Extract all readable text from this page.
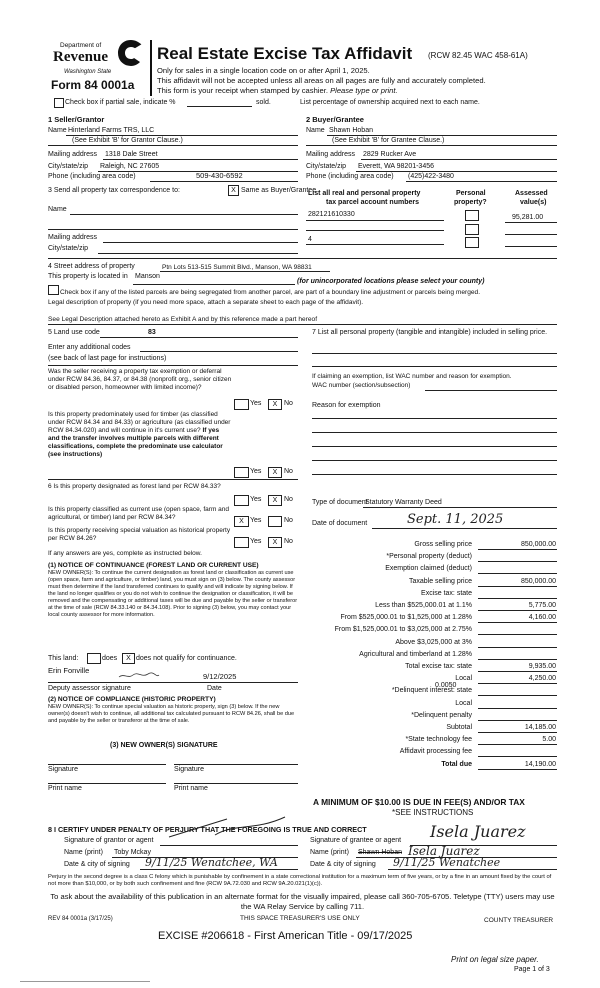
Department of
Revenue
Washington State
Form 84 0001a
Real Estate Excise Tax Affidavit (RCW 82.45 WAC 458-61A)
Only for sales in a single location code on or after April 1, 2025.
This affidavit will not be accepted unless all areas on all pages are fully and accurately completed.
This form is your receipt when stamped by cashier. Please type or print.
Check box if partial sale, indicate %	sold.	List percentage of ownership acquired next to each name.
1 Seller/Grantor
Name Hinterland Farms TRS, LLC
(See Exhibit 'B' for Grantor Clause.)
Mailing address 1318 Dale Street
City/state/zip Raleigh, NC 27605
Phone (including area code)	509-430-6592
2 Buyer/Grantee
Name Shawn Hoban
(See Exhibit 'B' for Grantee Clause.)
Mailing address 2829 Rucker Ave
City/state/zip Everett, WA 98201-3456
Phone (including area code) (425)422-3480
3 Send all property tax correspondence to:	X Same as Buyer/Grantee
Name
Mailing address
City/state/zip
List all real and personal property
tax parcel account numbers
Personal
property?
Assessed
value(s)
282121610330	95,281.00
4
4 Street address of property	Ptn Lots 513-515 Summit Blvd., Manson, WA 98831
This property is located in Manson
(for unincorporated locations please select your county)
Check box if any of the listed parcels are being segregated from another parcel, are part of a boundary line adjustment or parcels being merged.
Legal description of property (if you need more space, attach a separate sheet to each page of the affidavit).
See Legal Description attached hereto as Exhibit A and by this reference made a part hereof
5 Land use code	83
Enter any additional codes
(see back of last page for instructions)
Was the seller receiving a property tax exemption or deferral under RCW 84.36, 84.37, or 84.38 (nonprofit org., senior citizen or disabled person, homeowner with limited income)?
Yes	X No
Is this property predominately used for timber (as classified under RCW 84.34 and 84.33) or agriculture (as classified under RCW 84.34.020) and will continue in it's current use? If yes and the transfer involves multiple parcels with different classifications, complete the predominate use calculator (see instructions)
Yes	X No
7 List all personal property (tangible and intangible) included in selling price.
If claiming an exemption, list WAC number and reason for exemption.
WAC number (section/subsection)
Reason for exemption
6 Is this property designated as forest land per RCW 84.33?
Yes	X No
Is this property classified as current use (open space, farm and agricultural, or timber) land per RCW 84.34?
X Yes	No
Is this property receiving special valuation as historical property per RCW 84.26?	Yes	X No
If any answers are yes, complete as instructed below.
(1) NOTICE OF CONTINUANCE (FOREST LAND OR CURRENT USE)
NEW OWNER(S): To continue the current designation as forest land or classification as current use (open space, farm and agriculture, or timber) land, you must sign on (3) below. The county assessor must then determine if the land transferred continues to qualify and will indicate by signing below. If the land no longer qualifies or you do not wish to continue the designation or classification, it will be removed and the compensating or additional taxes will be due and payable by the seller or transferor at the time of sale (RCW 84.33.140 or 84.34.108). Prior to signing (3) below, you may contact your local county assessor for more information.
This land:	does	X does not qualify for continuance.
Erin Fonville
9/12/2025
Deputy assessor signature	Date
(2) NOTICE OF COMPLIANCE (HISTORIC PROPERTY)
NEW OWNER(S): To continue special valuation as historic property, sign (3) below. If the new owner(s) doesn't wish to continue, all additional tax calculated pursuant to RCW 84.26, shall be due and payable by the seller or transferor at the time of sale.
(3) NEW OWNER(S) SIGNATURE
Signature	Signature
Print name	Print name
Type of document
Statutory Warranty Deed
Date of document	Sept. 11, 2025
Gross selling price	850,000.00
*Personal property (deduct)
Exemption claimed (deduct)
Taxable selling price	850,000.00
Excise tax: state
Less than $525,000.01 at 1.1%	5,775.00
From $525,000.01 to $1,525,000 at 1.28%	4,160.00
From $1,525,000.01 to $3,025,000 at 2.75%
Above $3,025,000 at 3%
Agricultural and timberland at 1.28%
Total excise tax: state	9,935.00
Local	4,250.00
*Delinquent interest: state
Local
*Delinquent penalty
Subtotal	14,185.00
*State technology fee	5.00
Affidavit processing fee
Total due	14,190.00
0.0050
A MINIMUM OF $10.00 IS DUE IN FEE(S) AND/OR TAX
*SEE INSTRUCTIONS
8 I CERTIFY UNDER PENALTY OF PERJURY THAT THE FOREGOING IS TRUE AND CORRECT
Signature of grantor or agent
Name (print) Toby Mckay
Date & city of signing 9/11/25 Wenatchee, WA
Signature of grantee or agent Isela Juarez
Name (print) Shawn Hoban Isela Juarez
Date & city of signing 9/11/25 Wenatchee
Perjury in the second degree is a class C felony which is punishable by confinement in a state correctional institution for a maximum term of five years, or by a fine in an amount fixed by the court of not more than $10,000, or by both such confinement and fine (RCW 9A.72.030 and RCW 9A.20.021(1)(c)).
To ask about the availability of this publication in an alternate format for the visually impaired, please call 360-705-6705. Teletype (TTY) users may use the WA Relay Service by calling 711.
REV 84 0001a (3/17/25)	THIS SPACE TREASURER'S USE ONLY	COUNTY TREASURER
EXCISE #206618 - First American Title - 09/17/2025
Print on legal size paper.
Page 1 of 3
